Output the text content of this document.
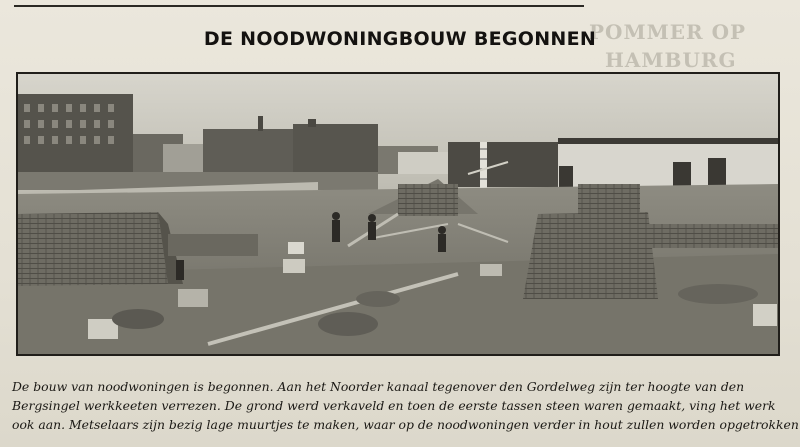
POMMER OP
HAMBURG
DE NOODWONINGBOUW BEGONNEN
De bouw van noodwoningen is begonnen. Aan het Noorder kanaal tegenover den Gordelweg zijn ter hoogte van den
Bergsingel werkkeeten verrezen. De grond werd verkaveld en toen de eerste tassen steen waren gemaakt, ving het werk
ook aan. Metselaars zijn bezig lage muurtjes te maken, waar op de noodwoningen verder in hout zullen worden opgetrokken
